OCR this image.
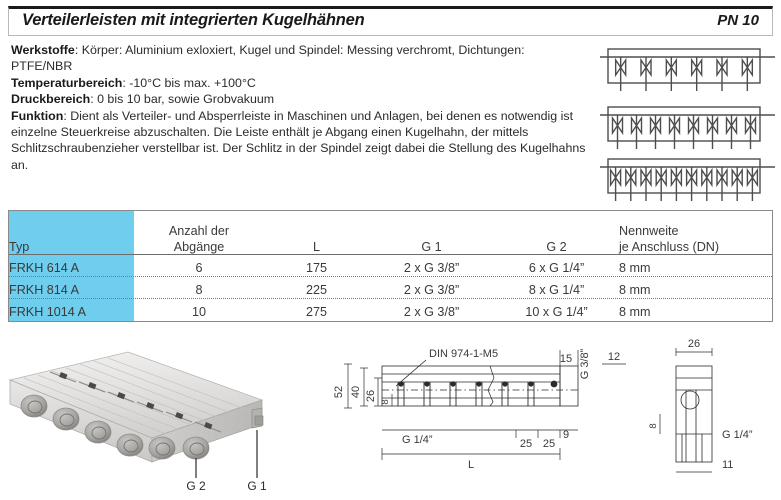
Verteilerleisten mit integrierten Kugelhähnen	PN 10

Werkstoffe: Körper: Aluminium exloxiert, Kugel und Spindel: Messing verchromt, Dichtungen: PTFE/NBR

Temperaturbereich: -10°C bis max. +100°C

Druckbereich: 0 bis 10 bar, sowie Grobvakuum

Funktion: Dient als Verteiler- und Absperrleiste in Maschinen und Anlagen, bei denen es notwendig ist einzelne Steuerkreise abzuschalten. Die Leiste enthält je Abgang einen Kugelhahn, der mittels Schlitzschraubenzieher verstellbar ist. Der Schlitz in der Spindel zeigt dabei die Stellung des Kugelhahns an.

Typ	Anzahl der
Abgänge	L	G 1	G 2	Nennweite
je Anschluss (DN)

FRKH 614 A	6	175	2 x G 3/8”	6 x G 1/4”	8 mm
FRKH 814 A	8	225	2 x G 3/8”	8 x G 1/4”	8 mm
FRKH 1014 A	10	275	2 x G 3/8”	10 x G 1/4”	8 mm
G 2	G 1
52 40 26 8
DIN 974-1-M5
G 1/4”	25 25
9
L
15 G 3/8” 12
26
8
G 1/4”
11
